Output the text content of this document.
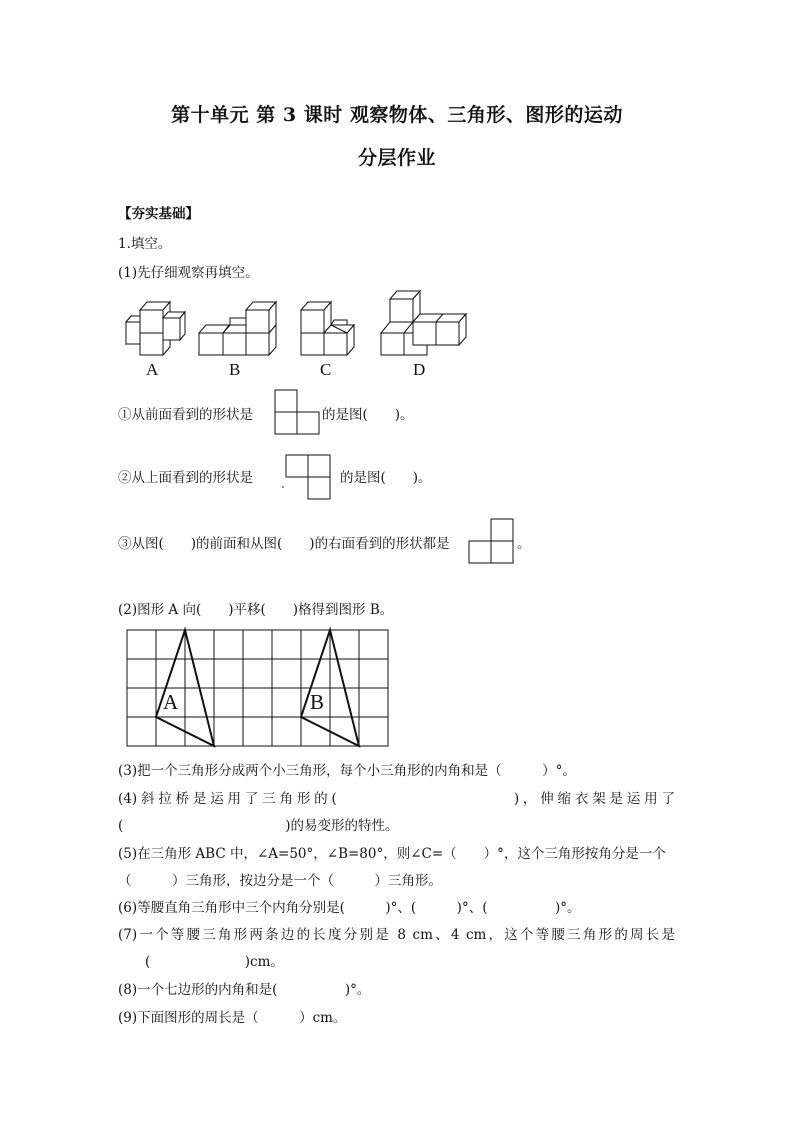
第十单元 第 3 课时 观察物体、三角形、图形的运动
分层作业
【夯实基础】
1.填空。
(1)先仔细观察再填空。
A	B	C	D
①从前面看到的形状是	的是图(　　)。
②从上面看到的形状是	的是图(　　)。
③从图(　　)的前面和从图(　　)的右面看到的形状都是	。
(2)图形 A 向(　　)平移(　　)格得到图形 B。
A	B
(3)把一个三角形分成两个小三角形，每个小三角形的内角和是（　　　）°。
(4)斜拉桥是运用了三角形的(　　　　　　　　　　)，伸缩衣架是运用了
(　　　　　　　　　　　　)的易变形的特性。
(5)在三角形 ABC 中，∠A=50°，∠B=80°，则∠C=（　　）°，这个三角形按角分是一个
（　　　）三角形，按边分是一个（　　　）三角形。
(6)等腰直角三角形中三个内角分别是(　　　)°、(　　　)°、(　　　　　)°。
(7)一个等腰三角形两条边的长度分别是 8 cm、4 cm，这个等腰三角形的周长是
　　(　　　　　　　)cm。
(8)一个七边形的内角和是(　　　　　)°。
(9)下面图形的周长是（　　　）cm。
